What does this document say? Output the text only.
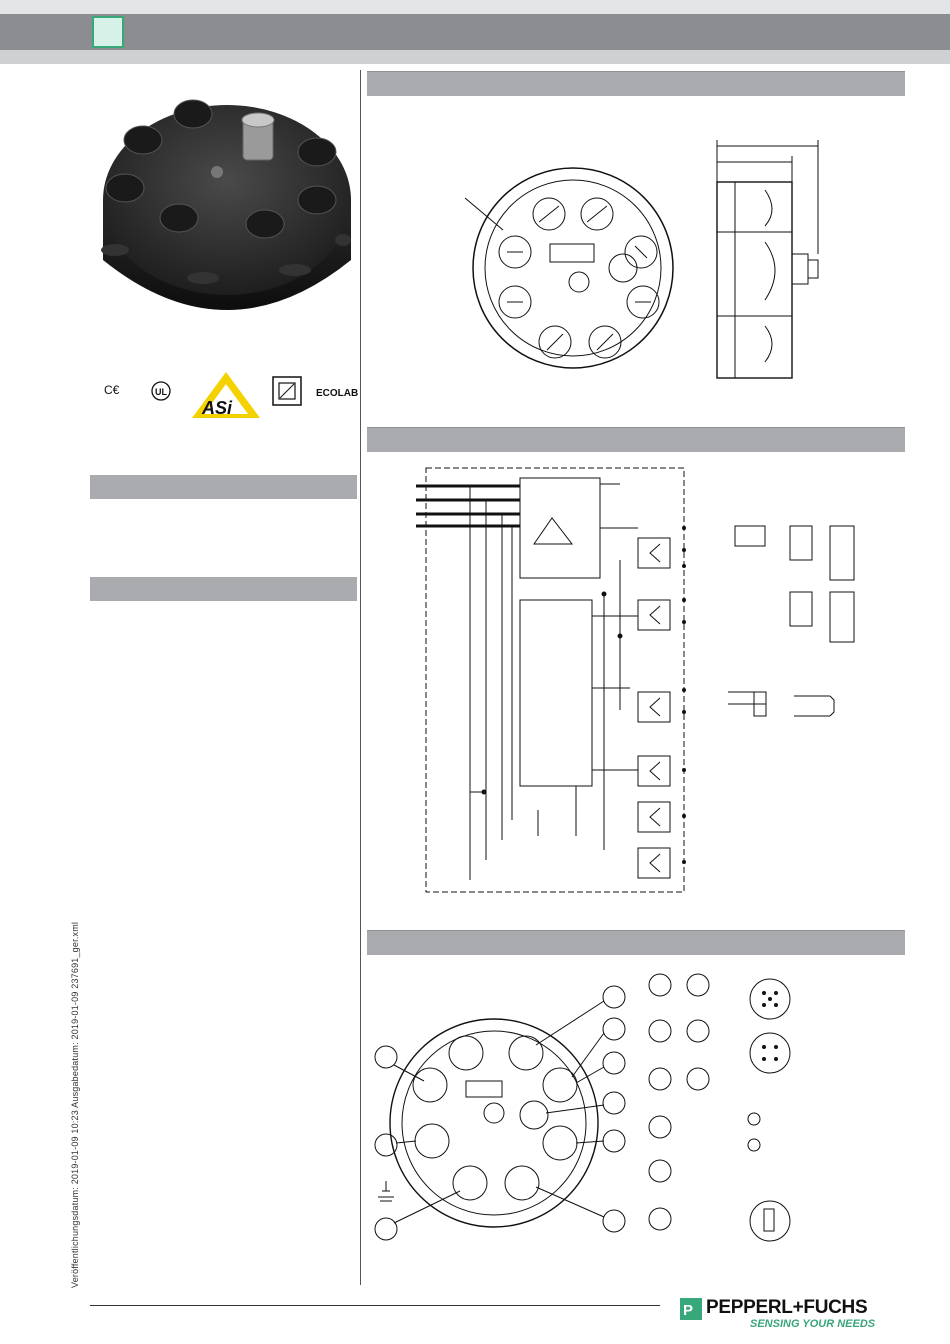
C€	UL
ASi
ECOLAB
Veröffentlichungsdatum: 2019-01-09 10:23 Ausgabedatum: 2019-01-09 237691_ger.xml
P PEPPERL+FUCHS
SENSING YOUR NEEDS
